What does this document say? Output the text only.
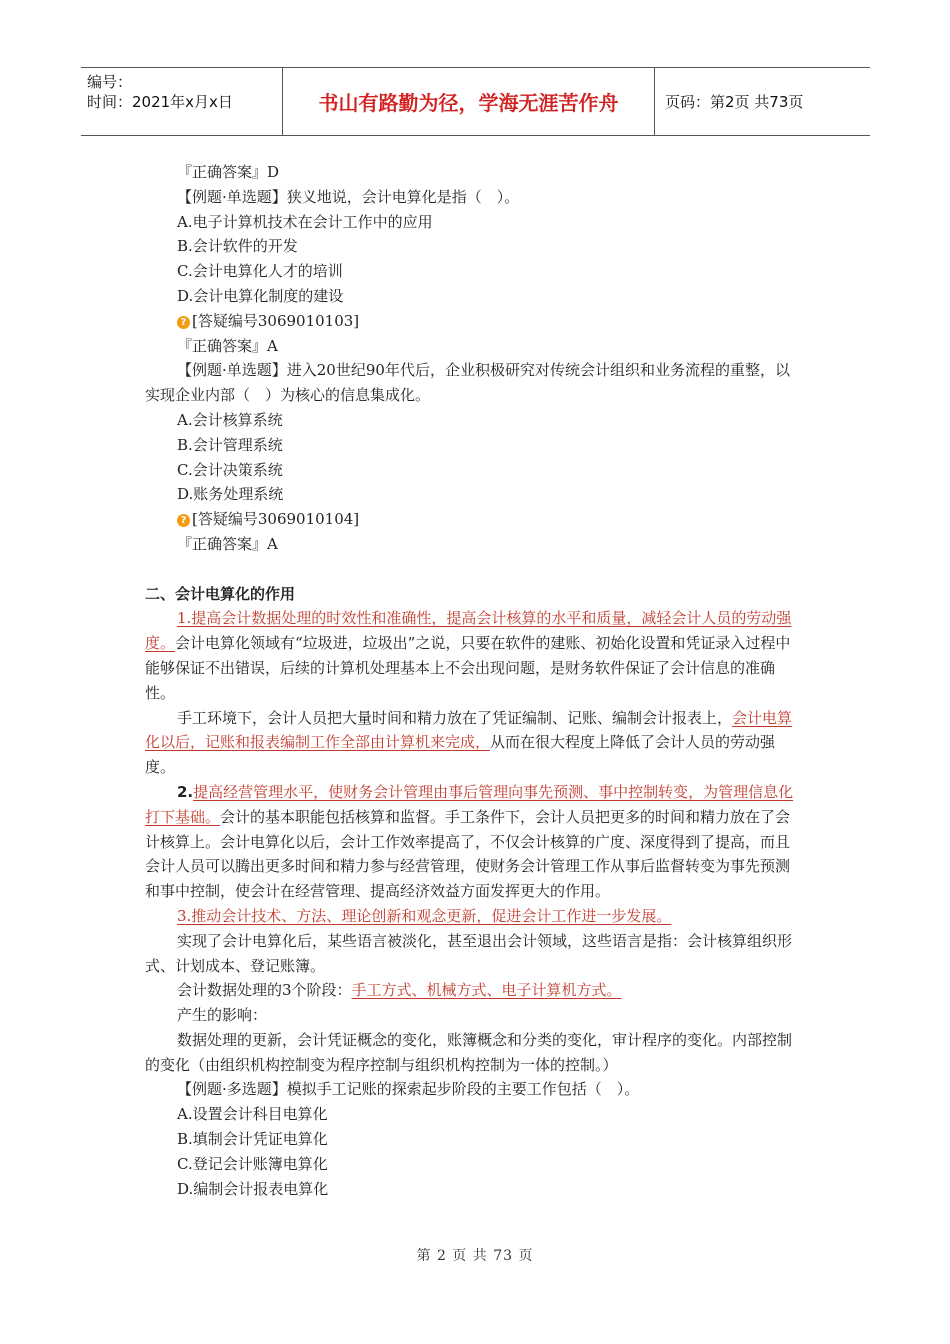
编号：
时间：2021年x月x日	书山有路勤为径，学海无涯苦作舟	页码：第2页 共73页

『正确答案』D

【例题·单选题】狭义地说，会计电算化是指（　）。

A.电子计算机技术在会计工作中的应用

B.会计软件的开发

C.会计电算化人才的培训

D.会计电算化制度的建设

? [答疑编号3069010103]

『正确答案』A

【例题·单选题】进入20世纪90年代后，企业积极研究对传统会计组织和业务流程的重整，以实现企业内部（　）为核心的信息集成化。

A.会计核算系统

B.会计管理系统

C.会计决策系统

D.账务处理系统

? [答疑编号3069010104]

『正确答案』A

二、会计电算化的作用

1.提高会计数据处理的时效性和准确性，提高会计核算的水平和质量，减轻会计人员的劳动强度。会计电算化领域有“垃圾进，垃圾出”之说，只要在软件的建账、初始化设置和凭证录入过程中能够保证不出错误，后续的计算机处理基本上不会出现问题，是财务软件保证了会计信息的准确性。

手工环境下，会计人员把大量时间和精力放在了凭证编制、记账、编制会计报表上，会计电算化以后，记账和报表编制工作全部由计算机来完成，从而在很大程度上降低了会计人员的劳动强度。

2.提高经营管理水平，使财务会计管理由事后管理向事先预测、事中控制转变，为管理信息化打下基础。会计的基本职能包括核算和监督。手工条件下，会计人员把更多的时间和精力放在了会计核算上。会计电算化以后，会计工作效率提高了，不仅会计核算的广度、深度得到了提高，而且会计人员可以腾出更多时间和精力参与经营管理，使财务会计管理工作从事后监督转变为事先预测和事中控制，使会计在经营管理、提高经济效益方面发挥更大的作用。

3.推动会计技术、方法、理论创新和观念更新，促进会计工作进一步发展。

实现了会计电算化后，某些语言被淡化，甚至退出会计领域，这些语言是指：会计核算组织形式、计划成本、登记账簿。

会计数据处理的3个阶段：手工方式、机械方式、电子计算机方式。

产生的影响：

数据处理的更新，会计凭证概念的变化，账簿概念和分类的变化，审计程序的变化。内部控制的变化（由组织机构控制变为程序控制与组织机构控制为一体的控制。）

【例题·多选题】模拟手工记账的探索起步阶段的主要工作包括（　）。

A.设置会计科目电算化

B.填制会计凭证电算化

C.登记会计账簿电算化

D.编制会计报表电算化

第 2 页 共 73 页
